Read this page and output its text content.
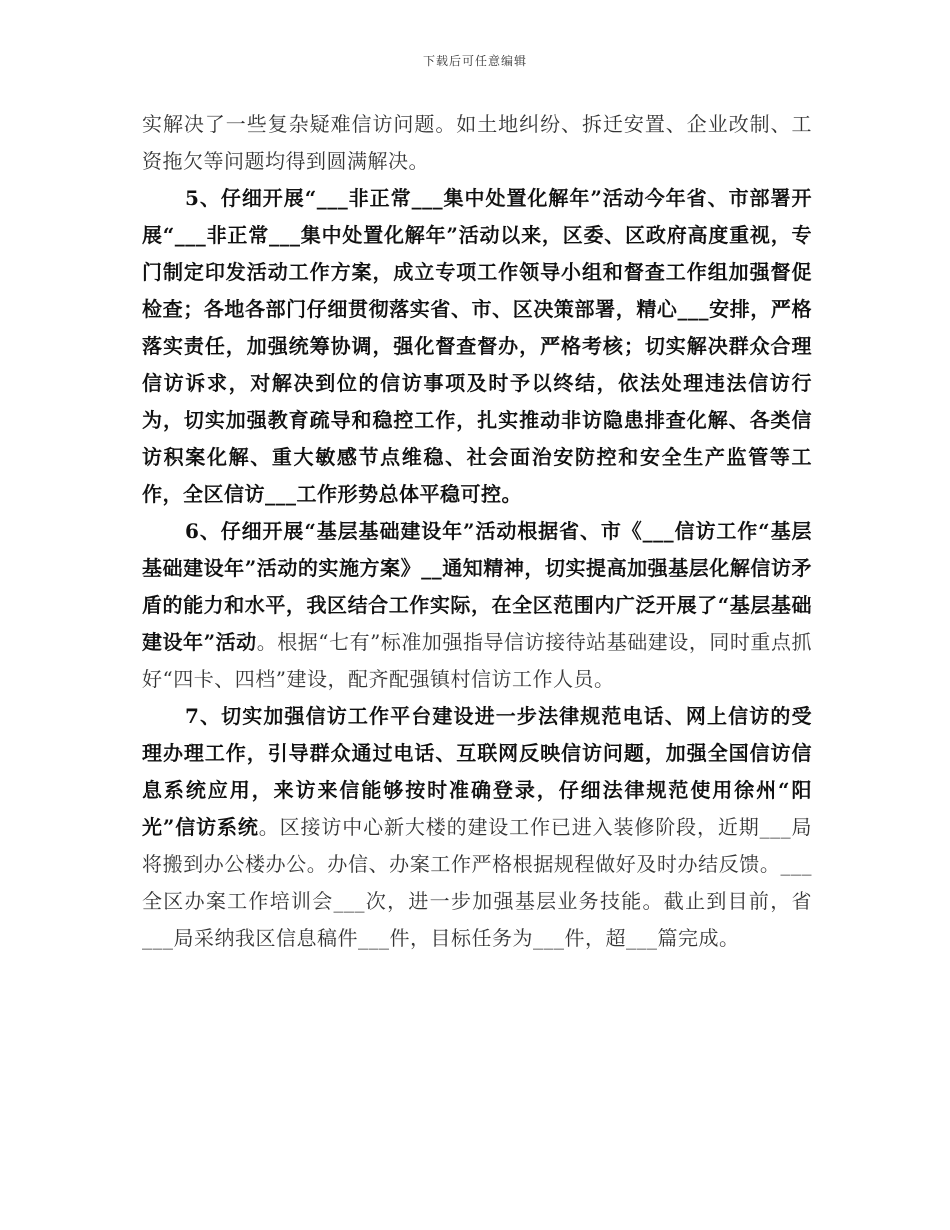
下载后可任意编辑

实解决了一些复杂疑难信访问题。如土地纠纷、拆迁安置、企业改制、工资拖欠等问题均得到圆满解决。

5、仔细开展“___非正常___集中处置化解年”活动今年省、市部署开展“___非正常___集中处置化解年”活动以来，区委、区政府高度重视，专门制定印发活动工作方案，成立专项工作领导小组和督查工作组加强督促检查；各地各部门仔细贯彻落实省、市、区决策部署，精心___安排，严格落实责任，加强统筹协调，强化督查督办，严格考核；切实解决群众合理信访诉求，对解决到位的信访事项及时予以终结，依法处理违法信访行为，切实加强教育疏导和稳控工作，扎实推动非访隐患排查化解、各类信访积案化解、重大敏感节点维稳、社会面治安防控和安全生产监管等工作，全区信访___工作形势总体平稳可控。

6、仔细开展“基层基础建设年”活动根据省、市《___信访工作“基层基础建设年”活动的实施方案》__通知精神，切实提高加强基层化解信访矛盾的能力和水平，我区结合工作实际，在全区范围内广泛开展了“基层基础建设年”活动。根据“七有”标准加强指导信访接待站基础建设，同时重点抓好“四卡、四档”建设，配齐配强镇村信访工作人员。

7、切实加强信访工作平台建设进一步法律规范电话、网上信访的受理办理工作，引导群众通过电话、互联网反映信访问题，加强全国信访信息系统应用，来访来信能够按时准确登录，仔细法律规范使用徐州“阳光”信访系统。区接访中心新大楼的建设工作已进入装修阶段，近期___局将搬到办公楼办公。办信、办案工作严格根据规程做好及时办结反馈。___全区办案工作培训会___次，进一步加强基层业务技能。截止到目前，省___局采纳我区信息稿件___件，目标任务为___件，超___篇完成。
